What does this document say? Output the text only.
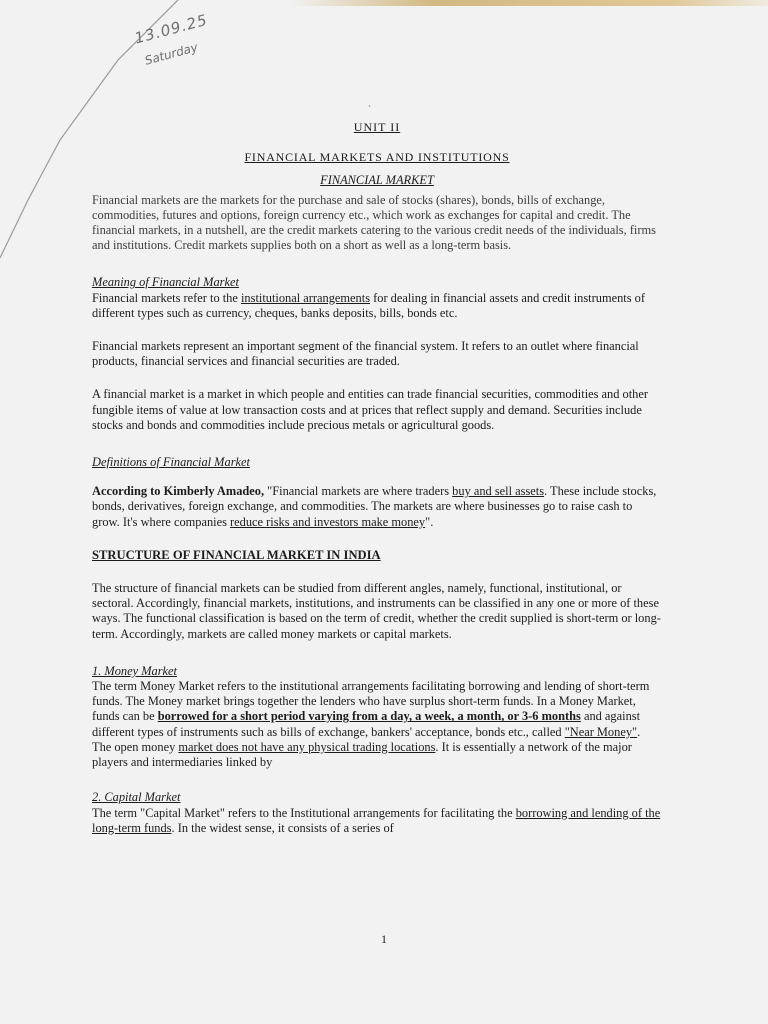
13.09.25
Saturday
`
UNIT II
FINANCIAL MARKETS AND INSTITUTIONS
FINANCIAL MARKET

Financial markets are the markets for the purchase and sale of stocks (shares), bonds, bills of exchange, commodities, futures and options, foreign currency etc., which work as exchanges for capital and credit. The financial markets, in a nutshell, are the credit markets catering to the various credit needs of the individuals, firms and institutions. Credit markets supplies both on a short as well as a long-term basis.

Meaning of Financial Market

Financial markets refer to the institutional arrangements for dealing in financial assets and credit instruments of different types such as currency, cheques, banks deposits, bills, bonds etc.

Financial markets represent an important segment of the financial system. It refers to an outlet where financial products, financial services and financial securities are traded.

A financial market is a market in which people and entities can trade financial securities, commodities and other fungible items of value at low transaction costs and at prices that reflect supply and demand. Securities include stocks and bonds and commodities include precious metals or agricultural goods.

Definitions of Financial Market

According to Kimberly Amadeo, "Financial markets are where traders buy and sell assets. These include stocks, bonds, derivatives, foreign exchange, and commodities. The markets are where businesses go to raise cash to grow. It's where companies reduce risks and investors make money".

STRUCTURE OF FINANCIAL MARKET IN INDIA

The structure of financial markets can be studied from different angles, namely, functional, institutional, or sectoral. Accordingly, financial markets, institutions, and instruments can be classified in any one or more of these ways. The functional classification is based on the term of credit, whether the credit supplied is short-term or long-term. Accordingly, markets are called money markets or capital markets.

1. Money Market

The term Money Market refers to the institutional arrangements facilitating borrowing and lending of short-term funds. The Money market brings together the lenders who have surplus short-term funds. In a Money Market, funds can be borrowed for a short period varying from a day, a week, a month, or 3-6 months and against different types of instruments such as bills of exchange, bankers' acceptance, bonds etc., called "Near Money". The open money market does not have any physical trading locations. It is essentially a network of the major players and intermediaries linked by

2. Capital Market

The term "Capital Market" refers to the Institutional arrangements for facilitating the borrowing and lending of the long-term funds. In the widest sense, it consists of a series of

1
